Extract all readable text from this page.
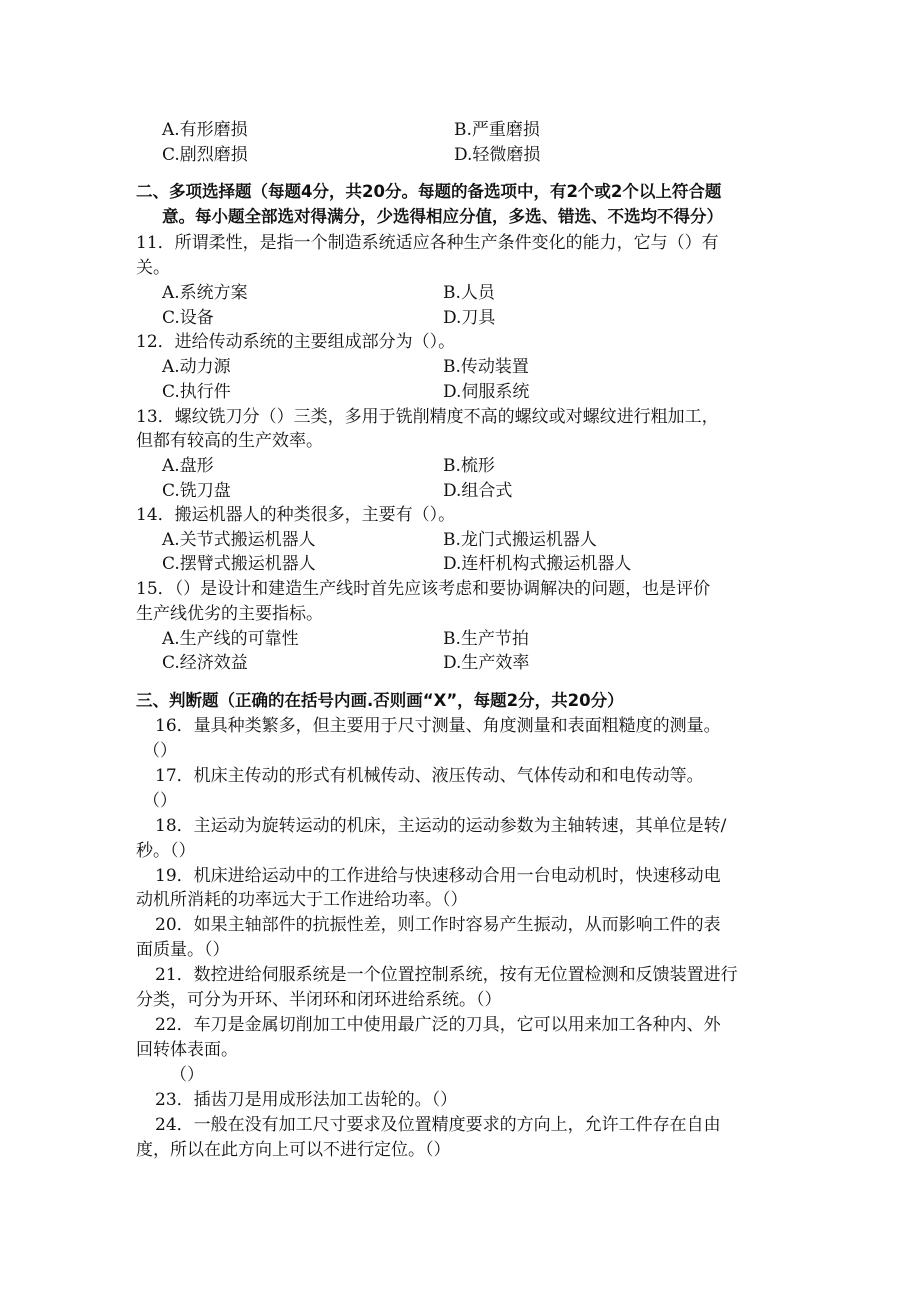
A.有形磨损	B.严重磨损
C.剧烈磨损	D.轻微磨损
二、多项选择题（每题4分，共20分。每题的备选项中，有2个或2个以上符合题
意。每小题全部选对得满分，少选得相应分值，多选、错选、不选均不得分）
11．所谓柔性，是指一个制造系统适应各种生产条件变化的能力，它与（）有
关。
A.系统方案	B.人员
C.设备	D.刀具
12．进给传动系统的主要组成部分为（）。
A.动力源	B.传动装置
C.执行件	D.伺服系统
13．螺纹铣刀分（）三类，多用于铣削精度不高的螺纹或对螺纹进行粗加工，
但都有较高的生产效率。
A.盘形	B.梳形
C.铣刀盘	D.组合式
14．搬运机器人的种类很多，主要有（）。
A.关节式搬运机器人	B.龙门式搬运机器人
C.摆臂式搬运机器人	D.连杆机构式搬运机器人
15．（）是设计和建造生产线时首先应该考虑和要协调解决的问题，也是评价
生产线优劣的主要指标。
A.生产线的可靠性	B.生产节拍
C.经济效益	D.生产效率
三、判断题（正确的在括号内画.否则画“X”，每题2分，共20分）
16．量具种类繁多，但主要用于尺寸测量、角度测量和表面粗糙度的测量。
（）
17．机床主传动的形式有机械传动、液压传动、气体传动和和电传动等。
（）
18．主运动为旋转运动的机床，主运动的运动参数为主轴转速，其单位是转/
秒。（）
19．机床进给运动中的工作进给与快速移动合用一台电动机时，快速移动电
动机所消耗的功率远大于工作进给功率。（）
20．如果主轴部件的抗振性差，则工作时容易产生振动，从而影响工件的表
面质量。（）
21．数控进给伺服系统是一个位置控制系统，按有无位置检测和反馈装置进行
分类，可分为开环、半闭环和闭环进给系统。（）
22．车刀是金属切削加工中使用最广泛的刀具，它可以用来加工各种内、外
回转体表面。
（）
23．插齿刀是用成形法加工齿轮的。（）
24．一般在没有加工尺寸要求及位置精度要求的方向上，允许工件存在自由
度，所以在此方向上可以不进行定位。（）
